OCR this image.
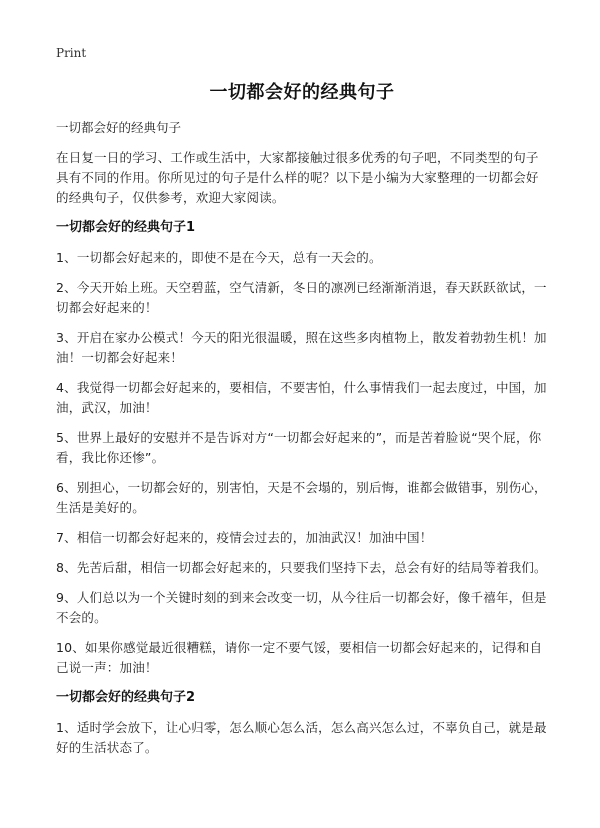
Print
一切都会好的经典句子

一切都会好的经典句子

在日复一日的学习、工作或生活中，大家都接触过很多优秀的句子吧，不同类型的句子具有不同的作用。你所见过的句子是什么样的呢？以下是小编为大家整理的一切都会好的经典句子，仅供参考，欢迎大家阅读。

一切都会好的经典句子1

1、一切都会好起来的，即使不是在今天，总有一天会的。

2、今天开始上班。天空碧蓝，空气清新，冬日的凛冽已经渐渐消退，春天跃跃欲试，一切都会好起来的！

3、开启在家办公模式！今天的阳光很温暖，照在这些多肉植物上，散发着勃勃生机！加油！一切都会好起来！

4、我觉得一切都会好起来的，要相信，不要害怕，什么事情我们一起去度过，中国，加油，武汉，加油！

5、世界上最好的安慰并不是告诉对方“一切都会好起来的”，而是苦着脸说“哭个屁，你看，我比你还惨”。

6、别担心，一切都会好的，别害怕，天是不会塌的，别后悔，谁都会做错事，别伤心，生活是美好的。

7、相信一切都会好起来的，疫情会过去的，加油武汉！加油中国！

8、先苦后甜，相信一切都会好起来的，只要我们坚持下去，总会有好的结局等着我们。

9、人们总以为一个关键时刻的到来会改变一切，从今往后一切都会好，像千禧年，但是不会的。

10、如果你感觉最近很糟糕，请你一定不要气馁，要相信一切都会好起来的，记得和自己说一声：加油！

一切都会好的经典句子2

1、适时学会放下，让心归零，怎么顺心怎么活，怎么高兴怎么过，不辜负自己，就是最好的生活状态了。
